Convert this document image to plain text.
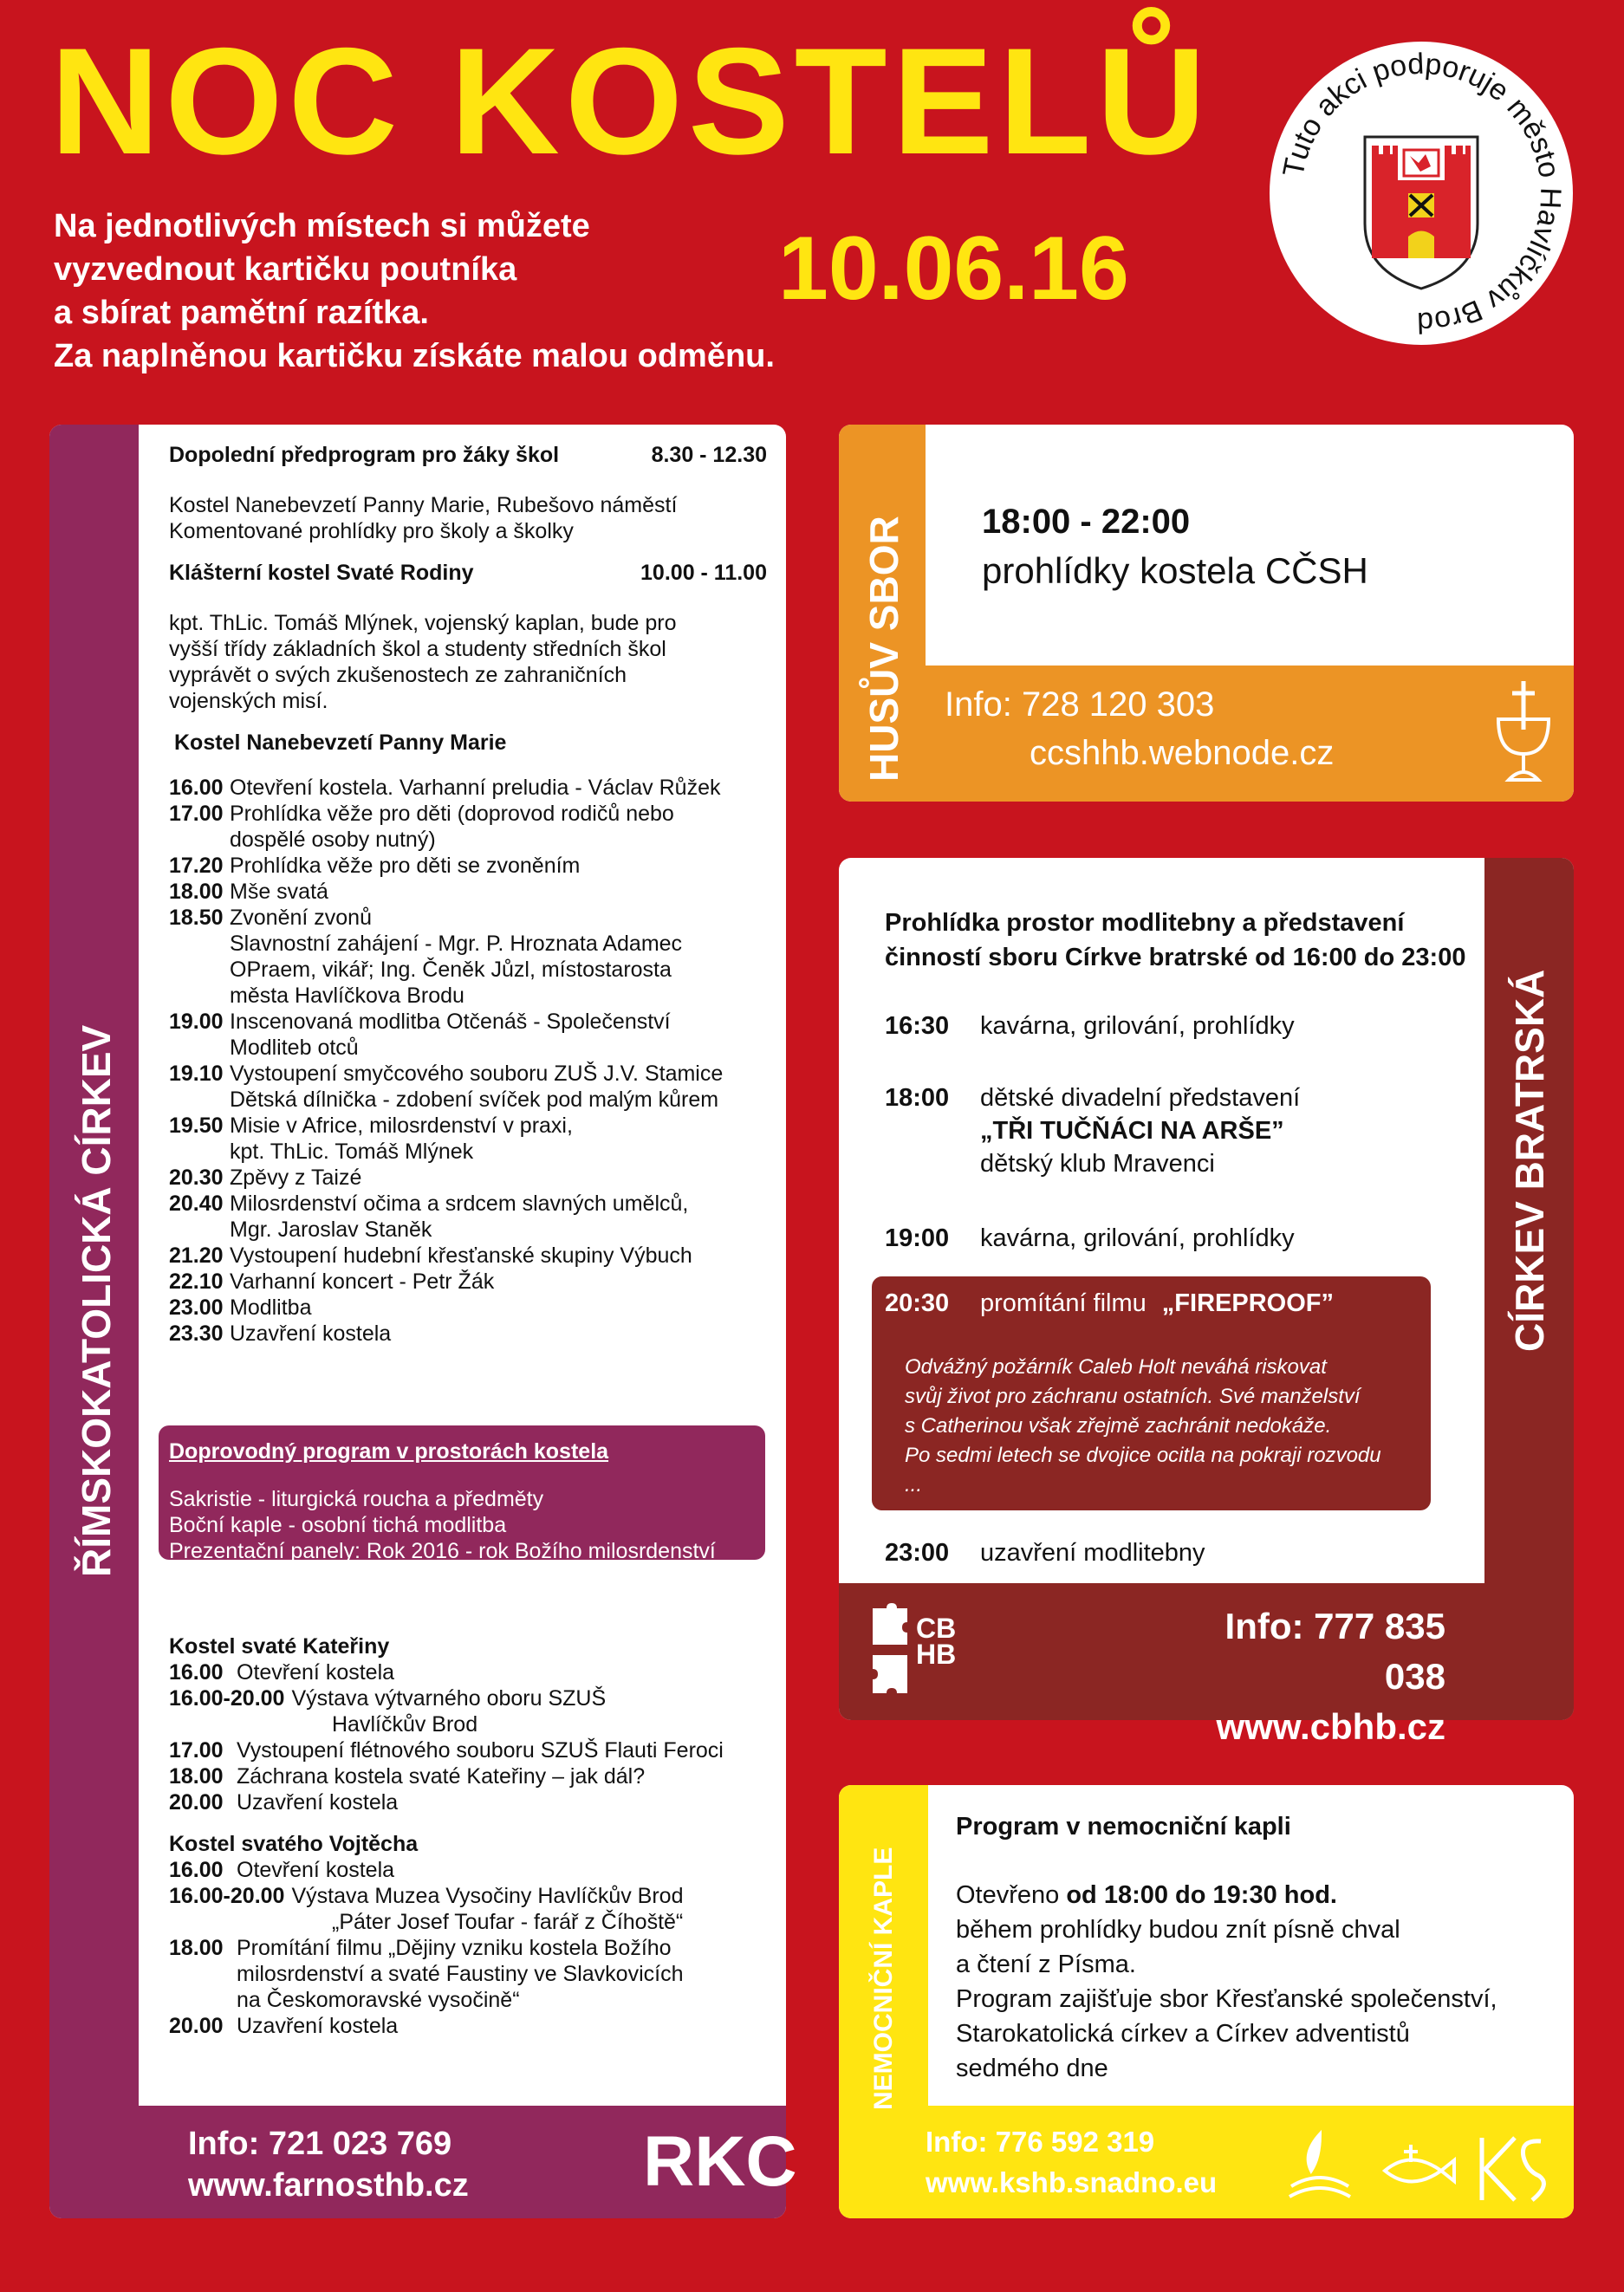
NOC KOSTELŮ
Na jednotlivých místech si můžete
vyzvednout kartičku poutníka
a sbírat pamětní razítka.
Za naplněnou kartičku získáte malou odměnu.
10.06.16
Tuto akci podporuje město Havlíčkův Brod
ŘÍMSKOKATOLICKÁ CÍRKEV
Dopolední předprogram pro žáky škol	8.30 - 12.30
Kostel Nanebevzetí Panny Marie, Rubešovo náměstí
Komentované prohlídky pro školy a školky
Klášterní kostel Svaté Rodiny	10.00 - 11.00
kpt. ThLic. Tomáš Mlýnek, vojenský kaplan, bude pro
vyšší třídy základních škol a studenty středních škol
vyprávět o svých zkušenostech ze zahraničních
vojenských misí.
Kostel Nanebevzetí Panny Marie
16.00 Otevření kostela. Varhanní preludia - Václav Růžek
17.00 Prohlídka věže pro děti (doprovod rodičů nebo
dospělé osoby nutný)
17.20 Prohlídka věže pro děti se zvoněním
18.00 Mše svatá
18.50 Zvonění zvonů
Slavnostní zahájení - Mgr. P. Hroznata Adamec
OPraem, vikář; Ing. Čeněk Jůzl, místostarosta
města Havlíčkova Brodu
19.00 Inscenovaná modlitba Otčenáš - Společenství
Modliteb otců
19.10 Vystoupení smyčcového souboru ZUŠ J.V. Stamice
Dětská dílnička - zdobení svíček pod malým kůrem
19.50 Misie v Africe, milosrdenství v praxi,
kpt. ThLic. Tomáš Mlýnek
20.30 Zpěvy z Taizé
20.40 Milosrdenství očima a srdcem slavných umělců,
Mgr. Jaroslav Staněk
21.20 Vystoupení hudební křesťanské skupiny Výbuch
22.10 Varhanní koncert - Petr Žák
23.00 Modlitba
23.30 Uzavření kostela
Doprovodný program v prostorách kostela
Sakristie - liturgická roucha a předměty
Boční kaple - osobní tichá modlitba
Prezentační panely: Rok 2016 - rok Božího milosrdenství
Kostel svaté Kateřiny
16.00 Otevření kostela
16.00-20.00 Výstava výtvarného oboru SZUŠ
Havlíčkův Brod
17.00 Vystoupení flétnového souboru SZUŠ Flauti Feroci
18.00 Záchrana kostela svaté Kateřiny – jak dál?
20.00 Uzavření kostela
Kostel svatého Vojtěcha
16.00 Otevření kostela
16.00-20.00 Výstava Muzea Vysočiny Havlíčkův Brod
„Páter Josef Toufar - farář z Číhoště“
18.00 Promítání filmu „Dějiny vzniku kostela Božího
milosrdenství a svaté Faustiny ve Slavkovicích
na Českomoravské vysočině“
20.00 Uzavření kostela
Info: 721 023 769
www.farnosthb.cz RKC
HUSŮV SBOR 18:00 - 22:00
prohlídky kostela CČSH
Info: 728 120 303
ccshhb.webnode.cz
CÍRKEV BRATRSKÁ
Prohlídka prostor modlitebny a představení
činností sboru Církve bratrské od 16:00 do 23:00
16:30	kavárna, grilování, prohlídky
18:00	dětské divadelní představení
„TŘI TUČŇÁCI NA ARŠE”
dětský klub Mravenci
19:00	kavárna, grilování, prohlídky
20:30	promítání filmu „FIREPROOF”
Odvážný požárník Caleb Holt neváhá riskovat
svůj život pro záchranu ostatních. Své manželství
s Catherinou však zřejmě zachránit nedokáže.
Po sedmi letech se dvojice ocitla na pokraji rozvodu
...
23:00	uzavření modlitebny
CB HB
Info: 777 835 038
www.cbhb.cz
NEMOCNIČNÍ KAPLE
Program v nemocniční kapli
Otevřeno od 18:00 do 19:30 hod.
během prohlídky budou znít písně chval
a čtení z Písma.
Program zajišťuje sbor Křesťanské společenství,
Starokatolická církev a Církev adventistů
sedmého dne
Info: 776 592 319
www.kshb.snadno.eu
